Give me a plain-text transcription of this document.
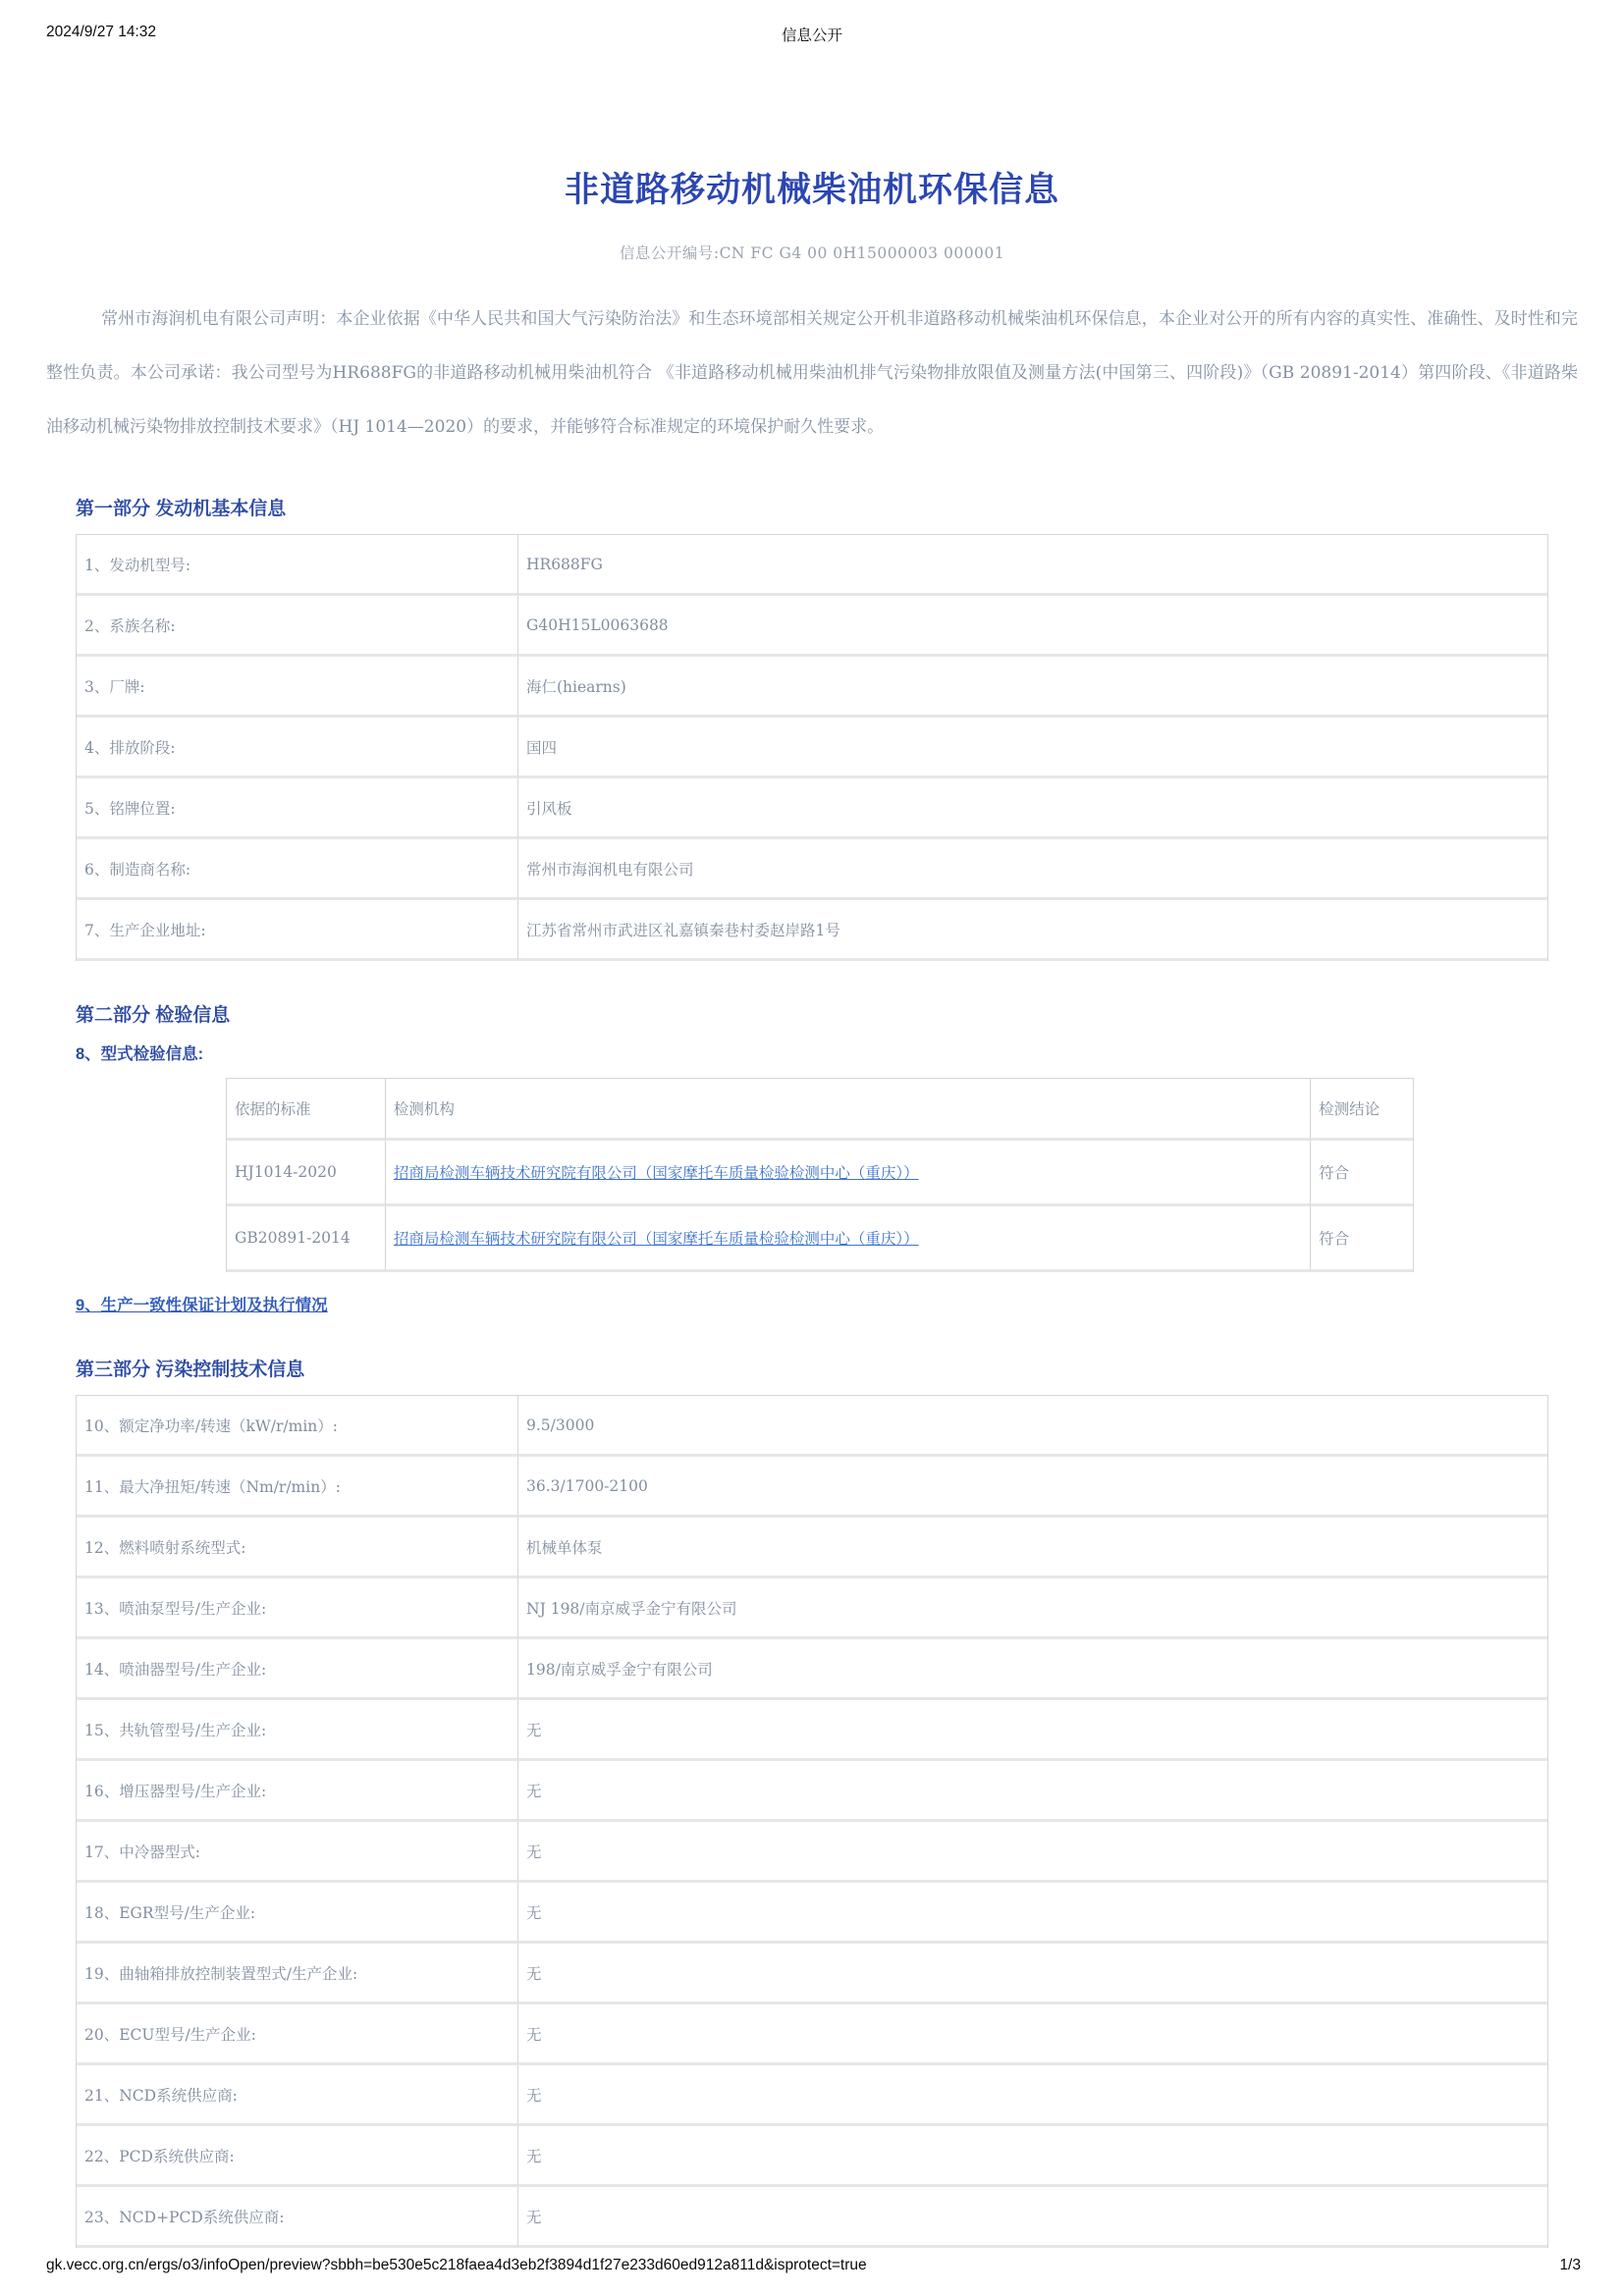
2024/9/27 14:32	信息公开
非道路移动机械柴油机环保信息
信息公开编号:CN FC G4 00 0H15000003 000001

常州市海润机电有限公司声明：本企业依据《中华人民共和国大气污染防治法》和生态环境部相关规定公开机非道路移动机械柴油机环保信息，本企业对公开的所有内容的真实性、准确性、及时性和完整性负责。本公司承诺：我公司型号为HR688FG的非道路移动机械用柴油机符合 《非道路移动机械用柴油机排气污染物排放限值及测量方法(中国第三、四阶段)》（GB 20891-2014）第四阶段、《非道路柴油移动机械污染物排放控制技术要求》（HJ 1014—2020）的要求，并能够符合标准规定的环境保护耐久性要求。

第一部分 发动机基本信息
1、发动机型号:	HR688FG
2、系族名称:	G40H15L0063688
3、厂牌:	海仁(hiearns)
4、排放阶段:	国四
5、铭牌位置:	引风板
6、制造商名称:	常州市海润机电有限公司
7、生产企业地址:	江苏省常州市武进区礼嘉镇秦巷村委赵岸路1号
第二部分 检验信息
8、型式检验信息:
依据的标准	检测机构	检测结论
HJ1014-2020	招商局检测车辆技术研究院有限公司（国家摩托车质量检验检测中心（重庆））	符合
GB20891-2014	招商局检测车辆技术研究院有限公司（国家摩托车质量检验检测中心（重庆））	符合
9、生产一致性保证计划及执行情况
第三部分 污染控制技术信息
10、额定净功率/转速（kW/r/min）:	9.5/3000
11、最大净扭矩/转速（Nm/r/min）:	36.3/1700-2100
12、燃料喷射系统型式:	机械单体泵
13、喷油泵型号/生产企业:	NJ 198/南京威孚金宁有限公司
14、喷油器型号/生产企业:	198/南京威孚金宁有限公司
15、共轨管型号/生产企业:	无
16、增压器型号/生产企业:	无
17、中冷器型式:	无
18、EGR型号/生产企业:	无
19、曲轴箱排放控制装置型式/生产企业:	无
20、ECU型号/生产企业:	无
21、NCD系统供应商:	无
22、PCD系统供应商:	无
23、NCD+PCD系统供应商:	无
gk.vecc.org.cn/ergs/o3/infoOpen/preview?sbbh=be530e5c218faea4d3eb2f3894d1f27e233d60ed912a811d&isprotect=true	1/3
